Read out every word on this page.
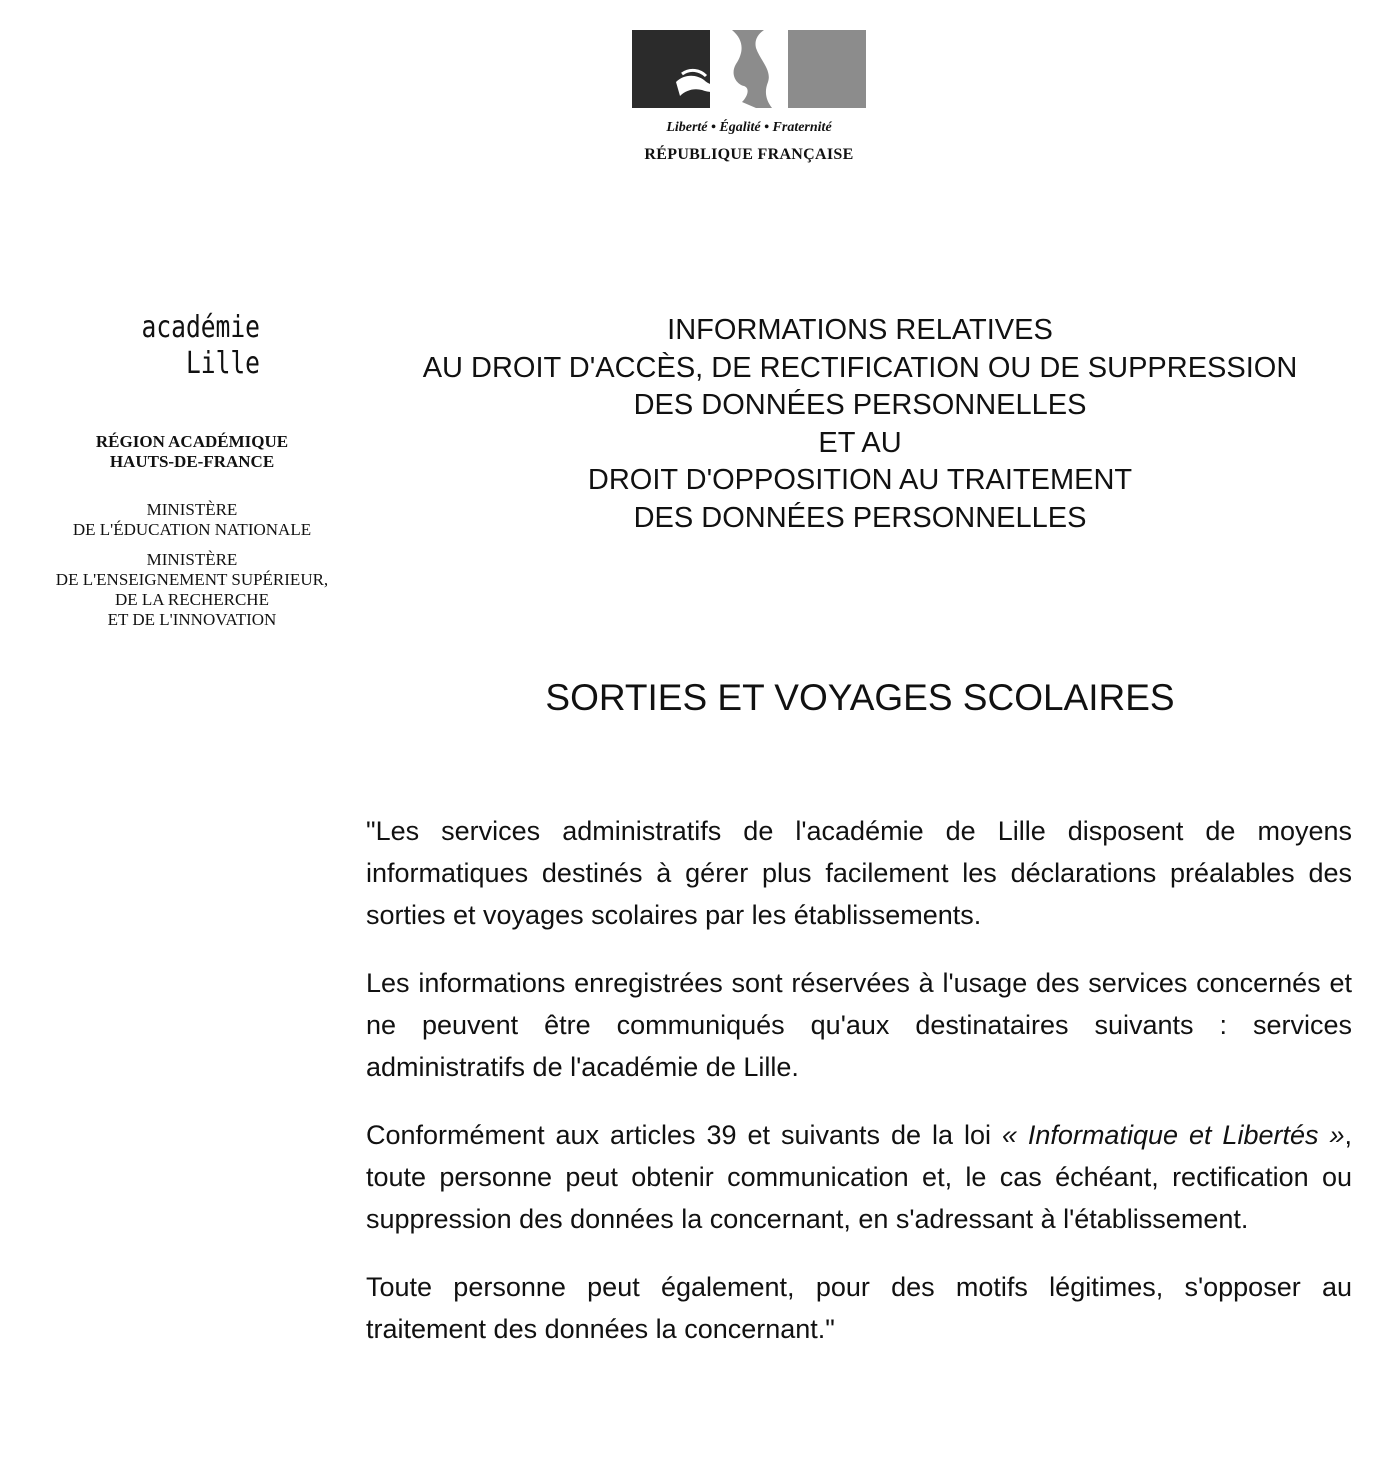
Liberté • Égalité • Fraternité
RÉPUBLIQUE FRANÇAISE
académie
Lille
RÉGION ACADÉMIQUE
HAUTS-DE-FRANCE
MINISTÈRE
DE L'ÉDUCATION NATIONALE
MINISTÈRE
DE L'ENSEIGNEMENT SUPÉRIEUR,
DE LA RECHERCHE
ET DE L'INNOVATION
INFORMATIONS RELATIVES
AU DROIT D'ACCÈS, DE RECTIFICATION OU DE SUPPRESSION
DES DONNÉES PERSONNELLES
ET AU
DROIT D'OPPOSITION AU TRAITEMENT
DES DONNÉES PERSONNELLES
SORTIES ET VOYAGES SCOLAIRES

"Les services administratifs de l'académie de Lille disposent de moyens informatiques destinés à gérer plus facilement les déclarations préalables des sorties et voyages scolaires par les établissements.

Les informations enregistrées sont réservées à l'usage des services concernés et ne peuvent être communiqués qu'aux destinataires suivants : services administratifs de l'académie de Lille.

Conformément aux articles 39 et suivants de la loi « Informatique et Libertés », toute personne peut obtenir communication et, le cas échéant, rectification ou suppression des données la concernant, en s'adressant à l'établissement.

Toute personne peut également, pour des motifs légitimes, s'opposer au traitement des données la concernant."
